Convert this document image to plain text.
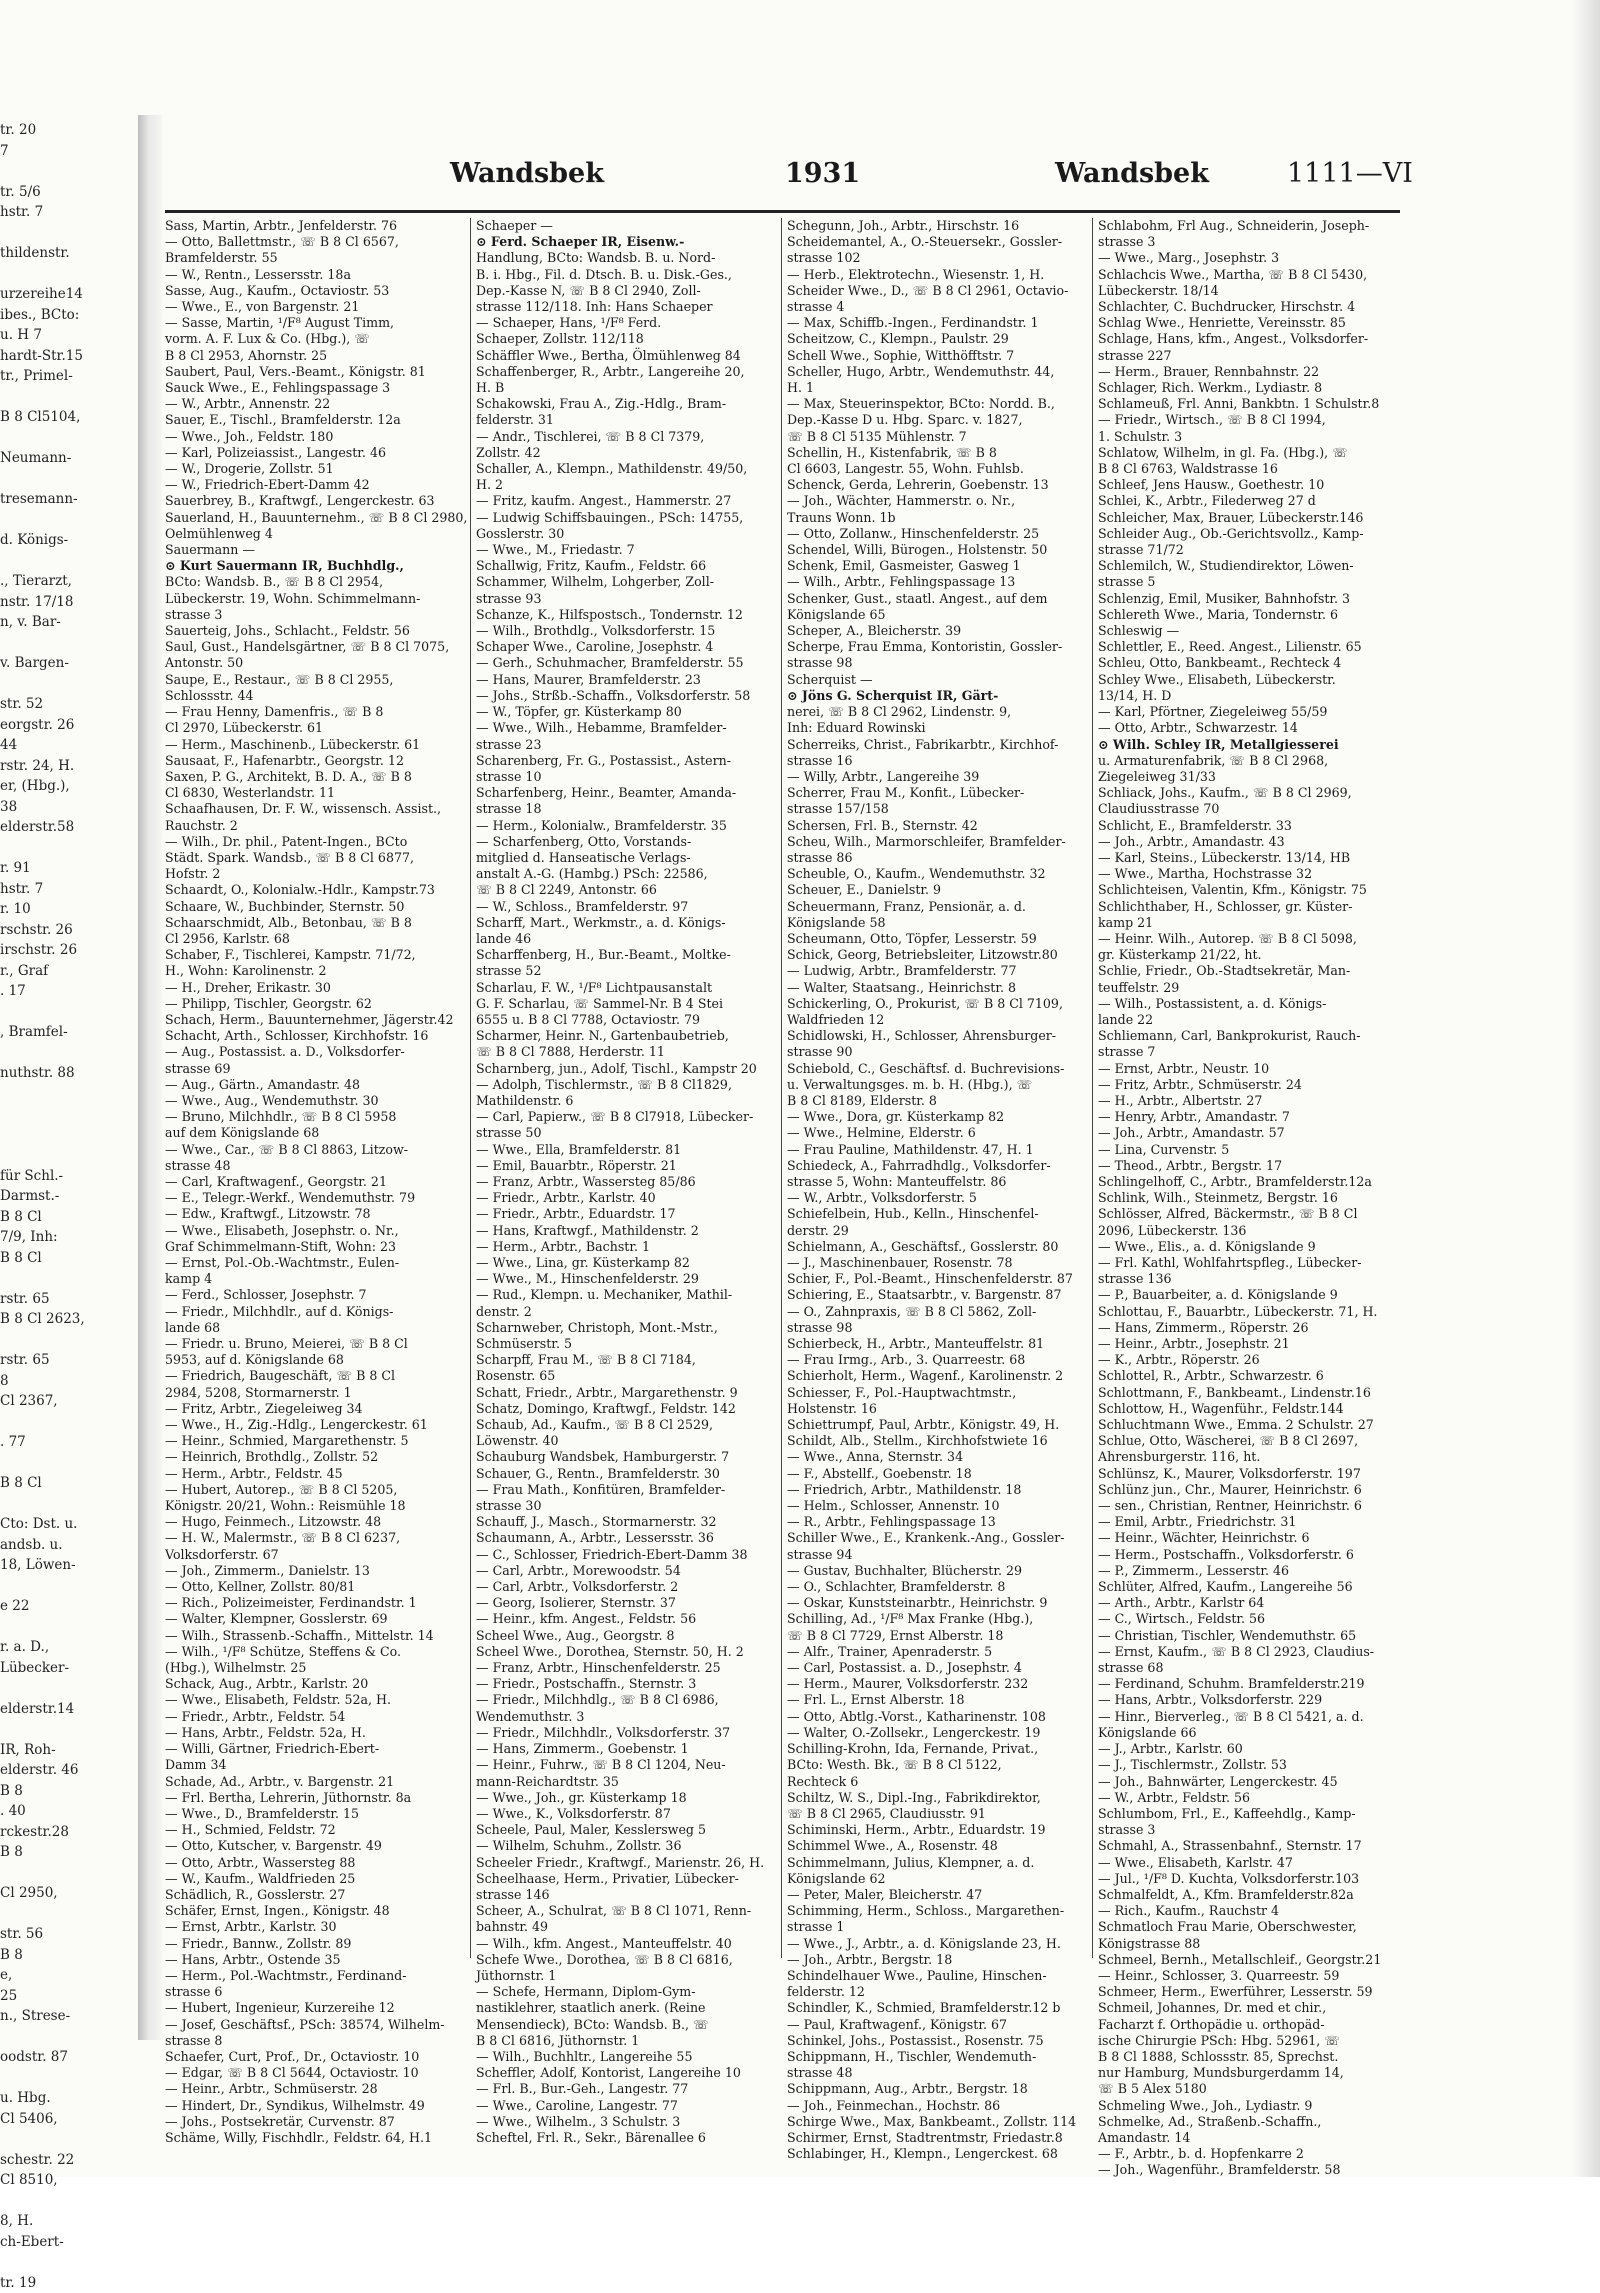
tr. 20
7

tr. 5/6
hstr. 7

thildenstr.

urzereihe14
ibes., BCto:
u. H 7
hardt-Str.15
tr., Primel-

B 8 Cl5104,

Neumann-

tresemann-

d. Königs-

., Tierarzt,
nstr. 17/18
n, v. Bar-

v. Bargen-

str. 52
eorgstr. 26
44
rstr. 24, H.
er, (Hbg.),
38
elderstr.58

r. 91
hstr. 7
r. 10
rschstr. 26
irschstr. 26
r., Graf
. 17

, Bramfel-

nuthstr. 88

für Schl.-
Darmst.-
B 8 Cl
7/9, Inh:
B 8 Cl

rstr. 65
B 8 Cl 2623,

rstr. 65
8
Cl 2367,

. 77

B 8 Cl

Cto: Dst. u.
andsb. u.
18, Löwen-

e 22

r. a. D.,
Lübecker-

elderstr.14

IR, Roh-
elderstr. 46
B 8
. 40
rckestr.28
B 8

Cl 2950,

str. 56
B 8
e,
25
n., Strese-

oodstr. 87

u. Hbg.
Cl 5406,

schestr. 22
Cl 8510,

8, H.
ch-Ebert-

tr. 19
Wandsbek	1931	Wandsbek	1111—VI
Sass, Martin, Arbtr., Jenfelderstr. 76
— Otto, Ballettmstr., ☏ B 8 Cl 6567,
Bramfelderstr. 55
— W., Rentn., Lessersstr. 18a
Sasse, Aug., Kaufm., Octaviostr. 53
— Wwe., E., von Bargenstr. 21
— Sasse, Martin, ¹/F⁸ August Timm,
vorm. A. F. Lux & Co. (Hbg.), ☏
B 8 Cl 2953, Ahornstr. 25
Saubert, Paul, Vers.-Beamt., Königstr. 81
Sauck Wwe., E., Fehlingspassage 3
— W., Arbtr., Annenstr. 22
Sauer, E., Tischl., Bramfelderstr. 12a
— Wwe., Joh., Feldstr. 180
— Karl, Polizeiassist., Langestr. 46
— W., Drogerie, Zollstr. 51
— W., Friedrich-Ebert-Damm 42
Sauerbrey, B., Kraftwgf., Lengerckestr. 63
Sauerland, H., Bauunternehm., ☏ B 8 Cl 2980,
Oelmühlenweg 4
Sauermann —
⊙ Kurt Sauermann IR, Buchhdlg.,
BCto: Wandsb. B., ☏ B 8 Cl 2954,
Lübeckerstr. 19, Wohn. Schimmelmann-
strasse 3
Sauerteig, Johs., Schlacht., Feldstr. 56
Saul, Gust., Handelsgärtner, ☏ B 8 Cl 7075,
Antonstr. 50
Saupe, E., Restaur., ☏ B 8 Cl 2955,
Schlossstr. 44
— Frau Henny, Damenfris., ☏ B 8
Cl 2970, Lübeckerstr. 61
— Herm., Maschinenb., Lübeckerstr. 61
Sausaat, F., Hafenarbtr., Georgstr. 12
Saxen, P. G., Architekt, B. D. A., ☏ B 8
Cl 6830, Westerlandstr. 11
Schaafhausen, Dr. F. W., wissensch. Assist.,
Rauchstr. 2
— Wilh., Dr. phil., Patent-Ingen., BCto
Städt. Spark. Wandsb., ☏ B 8 Cl 6877,
Hofstr. 2
Schaardt, O., Kolonialw.-Hdlr., Kampstr.73
Schaare, W., Buchbinder, Sternstr. 50
Schaarschmidt, Alb., Betonbau, ☏ B 8
Cl 2956, Karlstr. 68
Schaber, F., Tischlerei, Kampstr. 71/72,
H., Wohn: Karolinenstr. 2
— H., Dreher, Erikastr. 30
— Philipp, Tischler, Georgstr. 62
Schach, Herm., Bauunternehmer, Jägerstr.42
Schacht, Arth., Schlosser, Kirchhofstr. 16
— Aug., Postassist. a. D., Volksdorfer-
strasse 69
— Aug., Gärtn., Amandastr. 48
— Wwe., Aug., Wendemuthstr. 30
— Bruno, Milchhdlr., ☏ B 8 Cl 5958
auf dem Königslande 68
— Wwe., Car., ☏ B 8 Cl 8863, Litzow-
strasse 48
— Carl, Kraftwagenf., Georgstr. 21
— E., Telegr.-Werkf., Wendemuthstr. 79
— Edw., Kraftwgf., Litzowstr. 78
— Wwe., Elisabeth, Josephstr. o. Nr.,
Graf Schimmelmann-Stift, Wohn: 23
— Ernst, Pol.-Ob.-Wachtmstr., Eulen-
kamp 4
— Ferd., Schlosser, Josephstr. 7
— Friedr., Milchhdlr., auf d. Königs-
lande 68
— Friedr. u. Bruno, Meierei, ☏ B 8 Cl
5953, auf d. Königslande 68
— Friedrich, Baugeschäft, ☏ B 8 Cl
2984, 5208, Stormarnerstr. 1
— Fritz, Arbtr., Ziegeleiweg 34
— Wwe., H., Zig.-Hdlg., Lengerckestr. 61
— Heinr., Schmied, Margarethenstr. 5
— Heinrich, Brothdlg., Zollstr. 52
— Herm., Arbtr., Feldstr. 45
— Hubert, Autorep., ☏ B 8 Cl 5205,
Königstr. 20/21, Wohn.: Reismühle 18
— Hugo, Feinmech., Litzowstr. 48
— H. W., Malermstr., ☏ B 8 Cl 6237,
Volksdorferstr. 67
— Joh., Zimmerm., Danielstr. 13
— Otto, Kellner, Zollstr. 80/81
— Rich., Polizeimeister, Ferdinandstr. 1
— Walter, Klempner, Gosslerstr. 69
— Wilh., Strassenb.-Schaffn., Mittelstr. 14
— Wilh., ¹/F⁸ Schütze, Steffens & Co.
(Hbg.), Wilhelmstr. 25
Schack, Aug., Arbtr., Karlstr. 20
— Wwe., Elisabeth, Feldstr. 52a, H.
— Friedr., Arbtr., Feldstr. 54
— Hans, Arbtr., Feldstr. 52a, H.
— Willi, Gärtner, Friedrich-Ebert-
Damm 34
Schade, Ad., Arbtr., v. Bargenstr. 21
— Frl. Bertha, Lehrerin, Jüthornstr. 8a
— Wwe., D., Bramfelderstr. 15
— H., Schmied, Feldstr. 72
— Otto, Kutscher, v. Bargenstr. 49
— Otto, Arbtr., Wassersteg 88
— W., Kaufm., Waldfrieden 25
Schädlich, R., Gosslerstr. 27
Schäfer, Ernst, Ingen., Königstr. 48
— Ernst, Arbtr., Karlstr. 30
— Friedr., Bannw., Zollstr. 89
— Hans, Arbtr., Ostende 35
— Herm., Pol.-Wachtmstr., Ferdinand-
strasse 6
— Hubert, Ingenieur, Kurzereihe 12
— Josef, Geschäftsf., PSch: 38574, Wilhelm-
strasse 8
Schaefer, Curt, Prof., Dr., Octaviostr. 10
— Edgar, ☏ B 8 Cl 5644, Octaviostr. 10
— Heinr., Arbtr., Schmüserstr. 28
— Hindert, Dr., Syndikus, Wilhelmstr. 49
— Johs., Postsekretär, Curvenstr. 87
Schäme, Willy, Fischhdlr., Feldstr. 64, H.1
Schaeper —
⊙ Ferd. Schaeper IR, Eisenw.-
Handlung, BCto: Wandsb. B. u. Nord-
B. i. Hbg., Fil. d. Dtsch. B. u. Disk.-Ges.,
Dep.-Kasse N, ☏ B 8 Cl 2940, Zoll-
strasse 112/118. Inh: Hans Schaeper
— Schaeper, Hans, ¹/F⁸ Ferd.
Schaeper, Zollstr. 112/118
Schäffler Wwe., Bertha, Ölmühlenweg 84
Schaffenberger, R., Arbtr., Langereihe 20,
H. B
Schakowski, Frau A., Zig.-Hdlg., Bram-
felderstr. 31
— Andr., Tischlerei, ☏ B 8 Cl 7379,
Zollstr. 42
Schaller, A., Klempn., Mathildenstr. 49/50,
H. 2
— Fritz, kaufm. Angest., Hammerstr. 27
— Ludwig Schiffsbauingen., PSch: 14755,
Gosslerstr. 30
— Wwe., M., Friedastr. 7
Schallwig, Fritz, Kaufm., Feldstr. 66
Schammer, Wilhelm, Lohgerber, Zoll-
strasse 93
Schanze, K., Hilfspostsch., Tondernstr. 12
— Wilh., Brothdlg., Volksdorferstr. 15
Schaper Wwe., Caroline, Josephstr. 4
— Gerh., Schuhmacher, Bramfelderstr. 55
— Hans, Maurer, Bramfelderstr. 23
— Johs., Strßb.-Schaffn., Volksdorferstr. 58
— W., Töpfer, gr. Küsterkamp 80
— Wwe., Wilh., Hebamme, Bramfelder-
strasse 23
Scharenberg, Fr. G., Postassist., Astern-
strasse 10
Scharfenberg, Heinr., Beamter, Amanda-
strasse 18
— Herm., Kolonialw., Bramfelderstr. 35
— Scharfenberg, Otto, Vorstands-
mitglied d. Hanseatische Verlags-
anstalt A.-G. (Hambg.) PSch: 22586,
☏ B 8 Cl 2249, Antonstr. 66
— W., Schloss., Bramfelderstr. 97
Scharff, Mart., Werkmstr., a. d. Königs-
lande 46
Scharffenberg, H., Bur.-Beamt., Moltke-
strasse 52
Scharlau, F. W., ¹/F⁸ Lichtpausanstalt
G. F. Scharlau, ☏ Sammel-Nr. B 4 Stei
6555 u. B 8 Cl 7788, Octaviostr. 79
Scharmer, Heinr. N., Gartenbaubetrieb,
☏ B 8 Cl 7888, Herderstr. 11
Scharnberg, jun., Adolf, Tischl., Kampstr 20
— Adolph, Tischlermstr., ☏ B 8 Cl1829,
Mathildenstr. 6
— Carl, Papierw., ☏ B 8 Cl7918, Lübecker-
strasse 50
— Wwe., Ella, Bramfelderstr. 81
— Emil, Bauarbtr., Röperstr. 21
— Franz, Arbtr., Wassersteg 85/86
— Friedr., Arbtr., Karlstr. 40
— Friedr., Arbtr., Eduardstr. 17
— Hans, Kraftwgf., Mathildenstr. 2
— Herm., Arbtr., Bachstr. 1
— Wwe., Lina, gr. Küsterkamp 82
— Wwe., M., Hinschenfelderstr. 29
— Rud., Klempn. u. Mechaniker, Mathil-
denstr. 2
Scharnweber, Christoph, Mont.-Mstr.,
Schmüserstr. 5
Scharpff, Frau M., ☏ B 8 Cl 7184,
Rosenstr. 65
Schatt, Friedr., Arbtr., Margarethenstr. 9
Schatz, Domingo, Kraftwgf., Feldstr. 142
Schaub, Ad., Kaufm., ☏ B 8 Cl 2529,
Löwenstr. 40
Schauburg Wandsbek, Hamburgerstr. 7
Schauer, G., Rentn., Bramfelderstr. 30
— Frau Math., Konfitüren, Bramfelder-
strasse 30
Schauff, J., Masch., Stormarnerstr. 32
Schaumann, A., Arbtr., Lessersstr. 36
— C., Schlosser, Friedrich-Ebert-Damm 38
— Carl, Arbtr., Morewoodstr. 54
— Carl, Arbtr., Volksdorferstr. 2
— Georg, Isolierer, Sternstr. 37
— Heinr., kfm. Angest., Feldstr. 56
Scheel Wwe., Aug., Georgstr. 8
Scheel Wwe., Dorothea, Sternstr. 50, H. 2
— Franz, Arbtr., Hinschenfelderstr. 25
— Friedr., Postschaffn., Sternstr. 3
— Friedr., Milchhdlg., ☏ B 8 Cl 6986,
Wendemuthstr. 3
— Friedr., Milchhdlr., Volksdorferstr. 37
— Hans, Zimmerm., Goebenstr. 1
— Heinr., Fuhrw., ☏ B 8 Cl 1204, Neu-
mann-Reichardtstr. 35
— Wwe., Joh., gr. Küsterkamp 18
— Wwe., K., Volksdorferstr. 87
Scheele, Paul, Maler, Kesslersweg 5
— Wilhelm, Schuhm., Zollstr. 36
Scheeler Friedr., Kraftwgf., Marienstr. 26, H.
Scheelhaase, Herm., Privatier, Lübecker-
strasse 146
Scheer, A., Schulrat, ☏ B 8 Cl 1071, Renn-
bahnstr. 49
— Wilh., kfm. Angest., Manteuffelstr. 40
Schefe Wwe., Dorothea, ☏ B 8 Cl 6816,
Jüthornstr. 1
— Schefe, Hermann, Diplom-Gym-
nastiklehrer, staatlich anerk. (Reine
Mensendieck), BCto: Wandsb. B., ☏
B 8 Cl 6816, Jüthornstr. 1
— Wilh., Buchhltr., Langereihe 55
Scheffler, Adolf, Kontorist, Langereihe 10
— Frl. B., Bur.-Geh., Langestr. 77
— Wwe., Caroline, Langestr. 77
— Wwe., Wilhelm., 3 Schulstr. 3
Scheftel, Frl. R., Sekr., Bärenallee 6
Schegunn, Joh., Arbtr., Hirschstr. 16
Scheidemantel, A., O.-Steuersekr., Gossler-
strasse 102
— Herb., Elektrotechn., Wiesenstr. 1, H.
Scheider Wwe., D., ☏ B 8 Cl 2961, Octavio-
strasse 4
— Max, Schiffb.-Ingen., Ferdinandstr. 1
Scheitzow, C., Klempn., Paulstr. 29
Schell Wwe., Sophie, Witthöfftstr. 7
Scheller, Hugo, Arbtr., Wendemuthstr. 44,
H. 1
— Max, Steuerinspektor, BCto: Nordd. B.,
Dep.-Kasse D u. Hbg. Sparc. v. 1827,
☏ B 8 Cl 5135 Mühlenstr. 7
Schellin, H., Kistenfabrik, ☏ B 8
Cl 6603, Langestr. 55, Wohn. Fuhlsb.
Schenck, Gerda, Lehrerin, Goebenstr. 13
— Joh., Wächter, Hammerstr. o. Nr.,
Trauns Wonn. 1b
— Otto, Zollanw., Hinschenfelderstr. 25
Schendel, Willi, Bürogen., Holstenstr. 50
Schenk, Emil, Gasmeister, Gasweg 1
— Wilh., Arbtr., Fehlingspassage 13
Schenker, Gust., staatl. Angest., auf dem
Königslande 65
Scheper, A., Bleicherstr. 39
Scherpe, Frau Emma, Kontoristin, Gossler-
strasse 98
Scherquist —
⊙ Jöns G. Scherquist IR, Gärt-
nerei, ☏ B 8 Cl 2962, Lindenstr. 9,
Inh: Eduard Rowinski
Scherreiks, Christ., Fabrikarbtr., Kirchhof-
strasse 16
— Willy, Arbtr., Langereihe 39
Scherrer, Frau M., Konfit., Lübecker-
strasse 157/158
Schersen, Frl. B., Sternstr. 42
Scheu, Wilh., Marmorschleifer, Bramfelder-
strasse 86
Scheuble, O., Kaufm., Wendemuthstr. 32
Scheuer, E., Danielstr. 9
Scheuermann, Franz, Pensionär, a. d.
Königslande 58
Scheumann, Otto, Töpfer, Lesserstr. 59
Schick, Georg, Betriebsleiter, Litzowstr.80
— Ludwig, Arbtr., Bramfelderstr. 77
— Walter, Staatsang., Heinrichstr. 8
Schickerling, O., Prokurist, ☏ B 8 Cl 7109,
Waldfrieden 12
Schidlowski, H., Schlosser, Ahrensburger-
strasse 90
Schiebold, C., Geschäftsf. d. Buchrevisions-
u. Verwaltungsges. m. b. H. (Hbg.), ☏
B 8 Cl 8189, Elderstr. 8
— Wwe., Dora, gr. Küsterkamp 82
— Wwe., Helmine, Elderstr. 6
— Frau Pauline, Mathildenstr. 47, H. 1
Schiedeck, A., Fahrradhdlg., Volksdorfer-
strasse 5, Wohn: Manteuffelstr. 86
— W., Arbtr., Volksdorferstr. 5
Schiefelbein, Hub., Kelln., Hinschenfel-
derstr. 29
Schielmann, A., Geschäftsf., Gosslerstr. 80
— J., Maschinenbauer, Rosenstr. 78
Schier, F., Pol.-Beamt., Hinschenfelderstr. 87
Schiering, E., Staatsarbtr., v. Bargenstr. 87
— O., Zahnpraxis, ☏ B 8 Cl 5862, Zoll-
strasse 98
Schierbeck, H., Arbtr., Manteuffelstr. 81
— Frau Irmg., Arb., 3. Quarreestr. 68
Schierholt, Herm., Wagenf., Karolinenstr. 2
Schiesser, F., Pol.-Hauptwachtmstr.,
Holstenstr. 16
Schiettrumpf, Paul, Arbtr., Königstr. 49, H.
Schildt, Alb., Stellm., Kirchhofstwiete 16
— Wwe., Anna, Sternstr. 34
— F., Abstellf., Goebenstr. 18
— Friedrich, Arbtr., Mathildenstr. 18
— Helm., Schlosser, Annenstr. 10
— R., Arbtr., Fehlingspassage 13
Schiller Wwe., E., Krankenk.-Ang., Gossler-
strasse 94
— Gustav, Buchhalter, Blücherstr. 29
— O., Schlachter, Bramfelderstr. 8
— Oskar, Kunststeinarbtr., Heinrichstr. 9
Schilling, Ad., ¹/F⁸ Max Franke (Hbg.),
☏ B 8 Cl 7729, Ernst Alberstr. 18
— Alfr., Trainer, Apenraderstr. 5
— Carl, Postassist. a. D., Josephstr. 4
— Herm., Maurer, Volksdorferstr. 232
— Frl. L., Ernst Alberstr. 18
— Otto, Abtlg.-Vorst., Katharinenstr. 108
— Walter, O.-Zollsekr., Lengerckestr. 19
Schilling-Krohn, Ida, Fernande, Privat.,
BCto: Westh. Bk., ☏ B 8 Cl 5122,
Rechteck 6
Schiltz, W. S., Dipl.-Ing., Fabrikdirektor,
☏ B 8 Cl 2965, Claudiusstr. 91
Schiminski, Herm., Arbtr., Eduardstr. 19
Schimmel Wwe., A., Rosenstr. 48
Schimmelmann, Julius, Klempner, a. d.
Königslande 62
— Peter, Maler, Bleicherstr. 47
Schimming, Herm., Schloss., Margarethen-
strasse 1
— Wwe., J., Arbtr., a. d. Königslande 23, H.
— Joh., Arbtr., Bergstr. 18
Schindelhauer Wwe., Pauline, Hinschen-
felderstr. 12
Schindler, K., Schmied, Bramfelderstr.12 b
— Paul, Kraftwagenf., Königstr. 67
Schinkel, Johs., Postassist., Rosenstr. 75
Schippmann, H., Tischler, Wendemuth-
strasse 48
Schippmann, Aug., Arbtr., Bergstr. 18
— Joh., Feinmechan., Hochstr. 86
Schirge Wwe., Max, Bankbeamt., Zollstr. 114
Schirmer, Ernst, Stadtrentmstr, Friedastr.8
Schlabinger, H., Klempn., Lengerckest. 68
Schlabohm, Frl Aug., Schneiderin, Joseph-
strasse 3
— Wwe., Marg., Josephstr. 3
Schlachcis Wwe., Martha, ☏ B 8 Cl 5430,
Lübeckerstr. 18/14
Schlachter, C. Buchdrucker, Hirschstr. 4
Schlag Wwe., Henriette, Vereinsstr. 85
Schlage, Hans, kfm., Angest., Volksdorfer-
strasse 227
— Herm., Brauer, Rennbahnstr. 22
Schlager, Rich. Werkm., Lydiastr. 8
Schlameuß, Frl. Anni, Bankbtn. 1 Schulstr.8
— Friedr., Wirtsch., ☏ B 8 Cl 1994,
1. Schulstr. 3
Schlatow, Wilhelm, in gl. Fa. (Hbg.), ☏
B 8 Cl 6763, Waldstrasse 16
Schleef, Jens Hausw., Goethestr. 10
Schlei, K., Arbtr., Filederweg 27 d
Schleicher, Max, Brauer, Lübeckerstr.146
Schleider Aug., Ob.-Gerichtsvollz., Kamp-
strasse 71/72
Schlemilch, W., Studiendirektor, Löwen-
strasse 5
Schlenzig, Emil, Musiker, Bahnhofstr. 3
Schlereth Wwe., Maria, Tondernstr. 6
Schleswig —
Schlettler, E., Reed. Angest., Lilienstr. 65
Schleu, Otto, Bankbeamt., Rechteck 4
Schley Wwe., Elisabeth, Lübeckerstr.
13/14, H. D
— Karl, Pförtner, Ziegeleiweg 55/59
— Otto, Arbtr., Schwarzestr. 14
⊙ Wilh. Schley IR, Metallgiesserei
u. Armaturenfabrik, ☏ B 8 Cl 2968,
Ziegeleiweg 31/33
Schliack, Johs., Kaufm., ☏ B 8 Cl 2969,
Claudiusstrasse 70
Schlicht, E., Bramfelderstr. 33
— Joh., Arbtr., Amandastr. 43
— Karl, Steins., Lübeckerstr. 13/14, HB
— Wwe., Martha, Hochstrasse 32
Schlichteisen, Valentin, Kfm., Königstr. 75
Schlichthaber, H., Schlosser, gr. Küster-
kamp 21
— Heinr. Wilh., Autorep. ☏ B 8 Cl 5098,
gr. Küsterkamp 21/22, ht.
Schlie, Friedr., Ob.-Stadtsekretär, Man-
teuffelstr. 29
— Wilh., Postassistent, a. d. Königs-
lande 22
Schliemann, Carl, Bankprokurist, Rauch-
strasse 7
— Ernst, Arbtr., Neustr. 10
— Fritz, Arbtr., Schmüserstr. 24
— H., Arbtr., Albertstr. 27
— Henry, Arbtr., Amandastr. 7
— Joh., Arbtr., Amandastr. 57
— Lina, Curvenstr. 5
— Theod., Arbtr., Bergstr. 17
Schlingelhoff, C., Arbtr., Bramfelderstr.12a
Schlink, Wilh., Steinmetz, Bergstr. 16
Schlösser, Alfred, Bäckermstr., ☏ B 8 Cl
2096, Lübeckerstr. 136
— Wwe., Elis., a. d. Königslande 9
— Frl. Kathl, Wohlfahrtspfleg., Lübecker-
strasse 136
— P., Bauarbeiter, a. d. Königslande 9
Schlottau, F., Bauarbtr., Lübeckerstr. 71, H.
— Hans, Zimmerm., Röperstr. 26
— Heinr., Arbtr., Josephstr. 21
— K., Arbtr., Röperstr. 26
Schlottel, R., Arbtr., Schwarzestr. 6
Schlottmann, F., Bankbeamt., Lindenstr.16
Schlottow, H., Wagenführ., Feldstr.144
Schluchtmann Wwe., Emma. 2 Schulstr. 27
Schlue, Otto, Wäscherei, ☏ B 8 Cl 2697,
Ahrensburgerstr. 116, ht.
Schlünsz, K., Maurer, Volksdorferstr. 197
Schlünz jun., Chr., Maurer, Heinrichstr. 6
— sen., Christian, Rentner, Heinrichstr. 6
— Emil, Arbtr., Friedrichstr. 31
— Heinr., Wächter, Heinrichstr. 6
— Herm., Postschaffn., Volksdorferstr. 6
— P., Zimmerm., Lesserstr. 46
Schlüter, Alfred, Kaufm., Langereihe 56
— Arth., Arbtr., Karlstr 64
— C., Wirtsch., Feldstr. 56
— Christian, Tischler, Wendemuthstr. 65
— Ernst, Kaufm., ☏ B 8 Cl 2923, Claudius-
strasse 68
— Ferdinand, Schuhm. Bramfelderstr.219
— Hans, Arbtr., Volksdorferstr. 229
— Hinr., Bierverleg., ☏ B 8 Cl 5421, a. d.
Königslande 66
— J., Arbtr., Karlstr. 60
— J., Tischlermstr., Zollstr. 53
— Joh., Bahnwärter, Lengerckestr. 45
— W., Arbtr., Feldstr. 56
Schlumbom, Frl., E., Kaffeehdlg., Kamp-
strasse 3
Schmahl, A., Strassenbahnf., Sternstr. 17
— Wwe., Elisabeth, Karlstr. 47
— Jul., ¹/F⁸ D. Kuchta, Volksdorferstr.103
Schmalfeldt, A., Kfm. Bramfelderstr.82a
— Rich., Kaufm., Rauchstr 4
Schmatloch Frau Marie, Oberschwester,
Königstrasse 88
Schmeel, Bernh., Metallschleif., Georgstr.21
— Heinr., Schlosser, 3. Quarreestr. 59
Schmeer, Herm., Ewerführer, Lesserstr. 59
Schmeil, Johannes, Dr. med et chir.,
Facharzt f. Orthopädie u. orthopäd-
ische Chirurgie PSch: Hbg. 52961, ☏
B 8 Cl 1888, Schlossstr. 85, Sprechst.
nur Hamburg, Mundsburgerdamm 14,
☏ B 5 Alex 5180
Schmeling Wwe., Joh., Lydiastr. 9
Schmelke, Ad., Straßenb.-Schaffn.,
Amandastr. 14
— F., Arbtr., b. d. Hopfenkarre 2
— Joh., Wagenführ., Bramfelderstr. 58
